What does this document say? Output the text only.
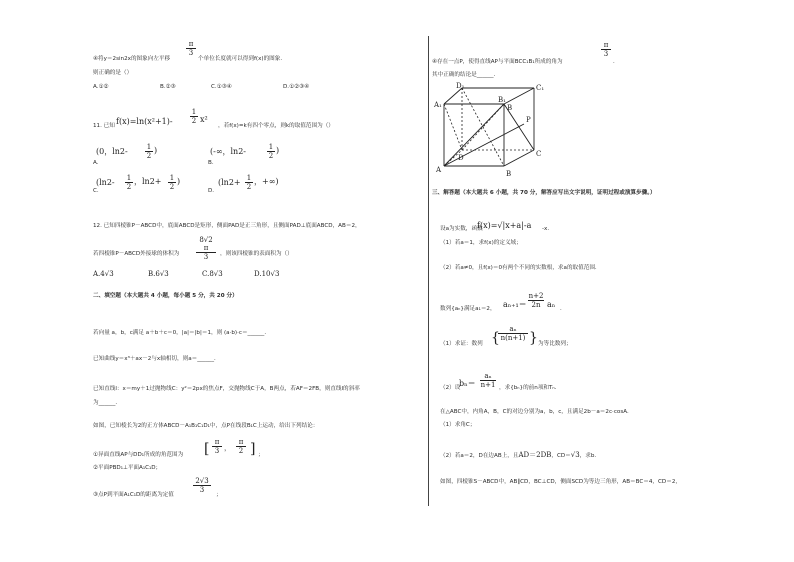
④将y＝2sin2x的图象向左平移
$\frac{\pi}{3}$
个单位长度就可以得到f(x)的图象．
则正确的是（）
A.①②	B.②③	C.①③④	D.①②③④
11. 已知 $f(x)=\ln(x^2+1)- \frac{1}{2} x^2$
，若f(x)=k有四个零点，则k的取值范围为（）
(0，$\ln 2- \frac{1}{2}$ )
A.
(-∞，ln2-	$\frac{1}{2}$ )
B.
($\ln 2- \frac{1}{2}$ ，$\ln 2+ \frac{1}{2}$ )
C.
($\ln 2+ \frac{1}{2}$ ，+∞)
D.
12. 已知四棱锥P－ABCD中，底面ABCD是矩形，侧面PAD是正三角形，且侧面PAD⊥底面ABCD，AB＝2，
$\frac{8√2 \pi}{3}$
若四棱锥P－ABCD外接球的体积为	，则该四棱锥的表面积为（）
A.4√3	B.6√3	C.8√3	D.10√3
二、填空题（本大题共 4 小题，每小题 5 分，共 20 分）
若向量 a，b，c满足 a＋b＋c＝0，|a|＝|b|＝1，则 (a·b)·c＝______．
已知曲线y＝x³＋ax－2与x轴相切，则a＝______．
已知直线l：x＝my＋1过抛物线C：y²＝2px的焦点F，交抛物线C于A，B两点，若AF＝2FB，则直线l的斜率
为______．
如图，已知棱长为2的正方体ABCD－A₁B₁C₁D₁中，点P在线段B₁C上运动，给出下列结论：
①异面直线AP与DD₁所成的角范围为 [ $\frac{\pi}{3}$ ， $\frac{\pi}{2}$ ] ；
②平面PBD₁⊥平面A₁C₁D；
$\frac{2√3}{3}$
③点P到平面A₁C₁D的距离为定值	；
④存在一点P，使得直线AP与平面BCC₁B₁所成的角为
$\frac{\pi}{3}$
．
其中正确的结论是______．
D₁	C₁
A₁
B₁
B
P
A
D	C
B
三、解答题（本大题共 6 小题，共 70 分，解答应写出文字说明，证明过程或演算步骤。）
设a为实数，函数
f(x)=√|x+a|-a -x．
（1）若a＝1，求f(x)的定义域；
（2）若a≠0，且f(x)＝0有两个不同的实数根，求a的取值范围．
数列{aₙ}满足a₁＝2， $a_{n+1}= \frac{n+2}{2n}$ aₙ ．
（1）求证：数列 {
$\frac{\text{aₙ}}{n(n+1)}$ } 为等比数列；
（2）设
$b_n= \frac{\text{aₙ}}{n+1}$ ，求{bₙ}的前n项和Tₙ．
在△ABC中，内角A，B，C的对边分别为a，b，c，且满足2b－a＝2c·cosA．
（1）求角C；
（2）若a＝2，D在边AB上，且AD＝2DB，CD＝√3，求b．
如图，四棱锥S－ABCD中，AB∥CD，BC⊥CD，侧面SCD为等边三角形，AB＝BC＝4，CD＝2，
